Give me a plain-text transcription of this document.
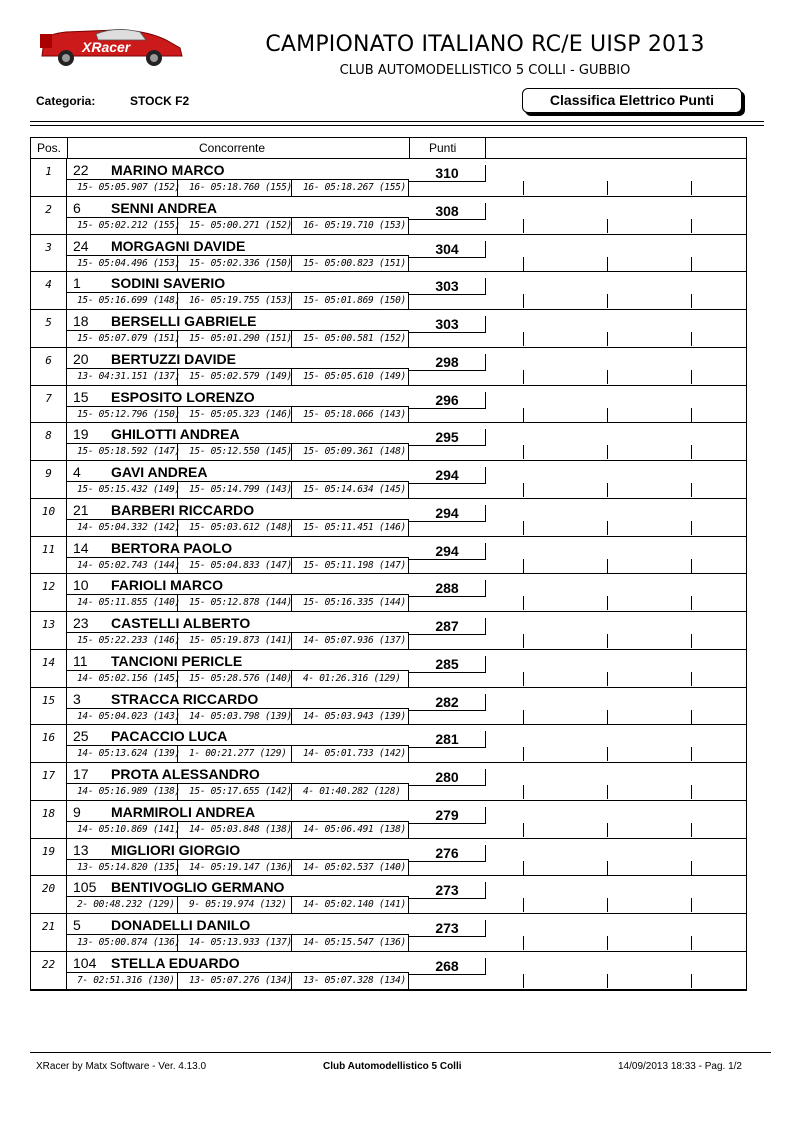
XRacer	CAMPIONATO ITALIANO RC/E UISP 2013
CLUB AUTOMODELLISTICO 5 COLLI - GUBBIO
Categoria:	STOCK F2	Classifica Elettrico Punti
Pos.	Concorrente	Punti
1	22 MARINO MARCO	310
15- 05:05.907 (152) 16- 05:18.760 (155) 16- 05:18.267 (155)
2	6 SENNI ANDREA	308
15- 05:02.212 (155) 15- 05:00.271 (152) 16- 05:19.710 (153)
3	24 MORGAGNI DAVIDE	304
15- 05:04.496 (153) 15- 05:02.336 (150) 15- 05:00.823 (151)
4	1 SODINI SAVERIO	303
15- 05:16.699 (148) 16- 05:19.755 (153) 15- 05:01.869 (150)
5	18 BERSELLI GABRIELE	303
15- 05:07.079 (151) 15- 05:01.290 (151) 15- 05:00.581 (152)
6	20 BERTUZZI DAVIDE	298
13- 04:31.151 (137) 15- 05:02.579 (149) 15- 05:05.610 (149)
7	15 ESPOSITO LORENZO	296
15- 05:12.796 (150) 15- 05:05.323 (146) 15- 05:18.066 (143)
8	19 GHILOTTI ANDREA	295
15- 05:18.592 (147) 15- 05:12.550 (145) 15- 05:09.361 (148)
9	4 GAVI ANDREA	294
15- 05:15.432 (149) 15- 05:14.799 (143) 15- 05:14.634 (145)
10	21 BARBERI RICCARDO	294
14- 05:04.332 (142) 15- 05:03.612 (148) 15- 05:11.451 (146)
11	14 BERTORA PAOLO	294
14- 05:02.743 (144) 15- 05:04.833 (147) 15- 05:11.198 (147)
12	10 FARIOLI MARCO	288
14- 05:11.855 (140) 15- 05:12.878 (144) 15- 05:16.335 (144)
13	23 CASTELLI ALBERTO	287
15- 05:22.233 (146) 15- 05:19.873 (141) 14- 05:07.936 (137)
14	11 TANCIONI PERICLE	285
14- 05:02.156 (145) 15- 05:28.576 (140) 4- 01:26.316 (129)
15	3 STRACCA RICCARDO	282
14- 05:04.023 (143) 14- 05:03.798 (139) 14- 05:03.943 (139)
16	25 PACACCIO LUCA	281
14- 05:13.624 (139) 1- 00:21.277 (129) 14- 05:01.733 (142)
17	17 PROTA ALESSANDRO	280
14- 05:16.989 (138) 15- 05:17.655 (142) 4- 01:40.282 (128)
18	9 MARMIROLI ANDREA	279
14- 05:10.869 (141) 14- 05:03.848 (138) 14- 05:06.491 (138)
19	13 MIGLIORI GIORGIO	276
13- 05:14.820 (135) 14- 05:19.147 (136) 14- 05:02.537 (140)
20	105 BENTIVOGLIO GERMANO	273
2- 00:48.232 (129) 9- 05:19.974 (132) 14- 05:02.140 (141)
21	5 DONADELLI DANILO	273
13- 05:00.874 (136) 14- 05:13.933 (137) 14- 05:15.547 (136)
22	104 STELLA EDUARDO	268
7- 02:51.316 (130) 13- 05:07.276 (134) 13- 05:07.328 (134)
XRacer by Matx Software - Ver. 4.13.0	Club Automodellistico 5 Colli	14/09/2013 18:33 - Pag. 1/2
